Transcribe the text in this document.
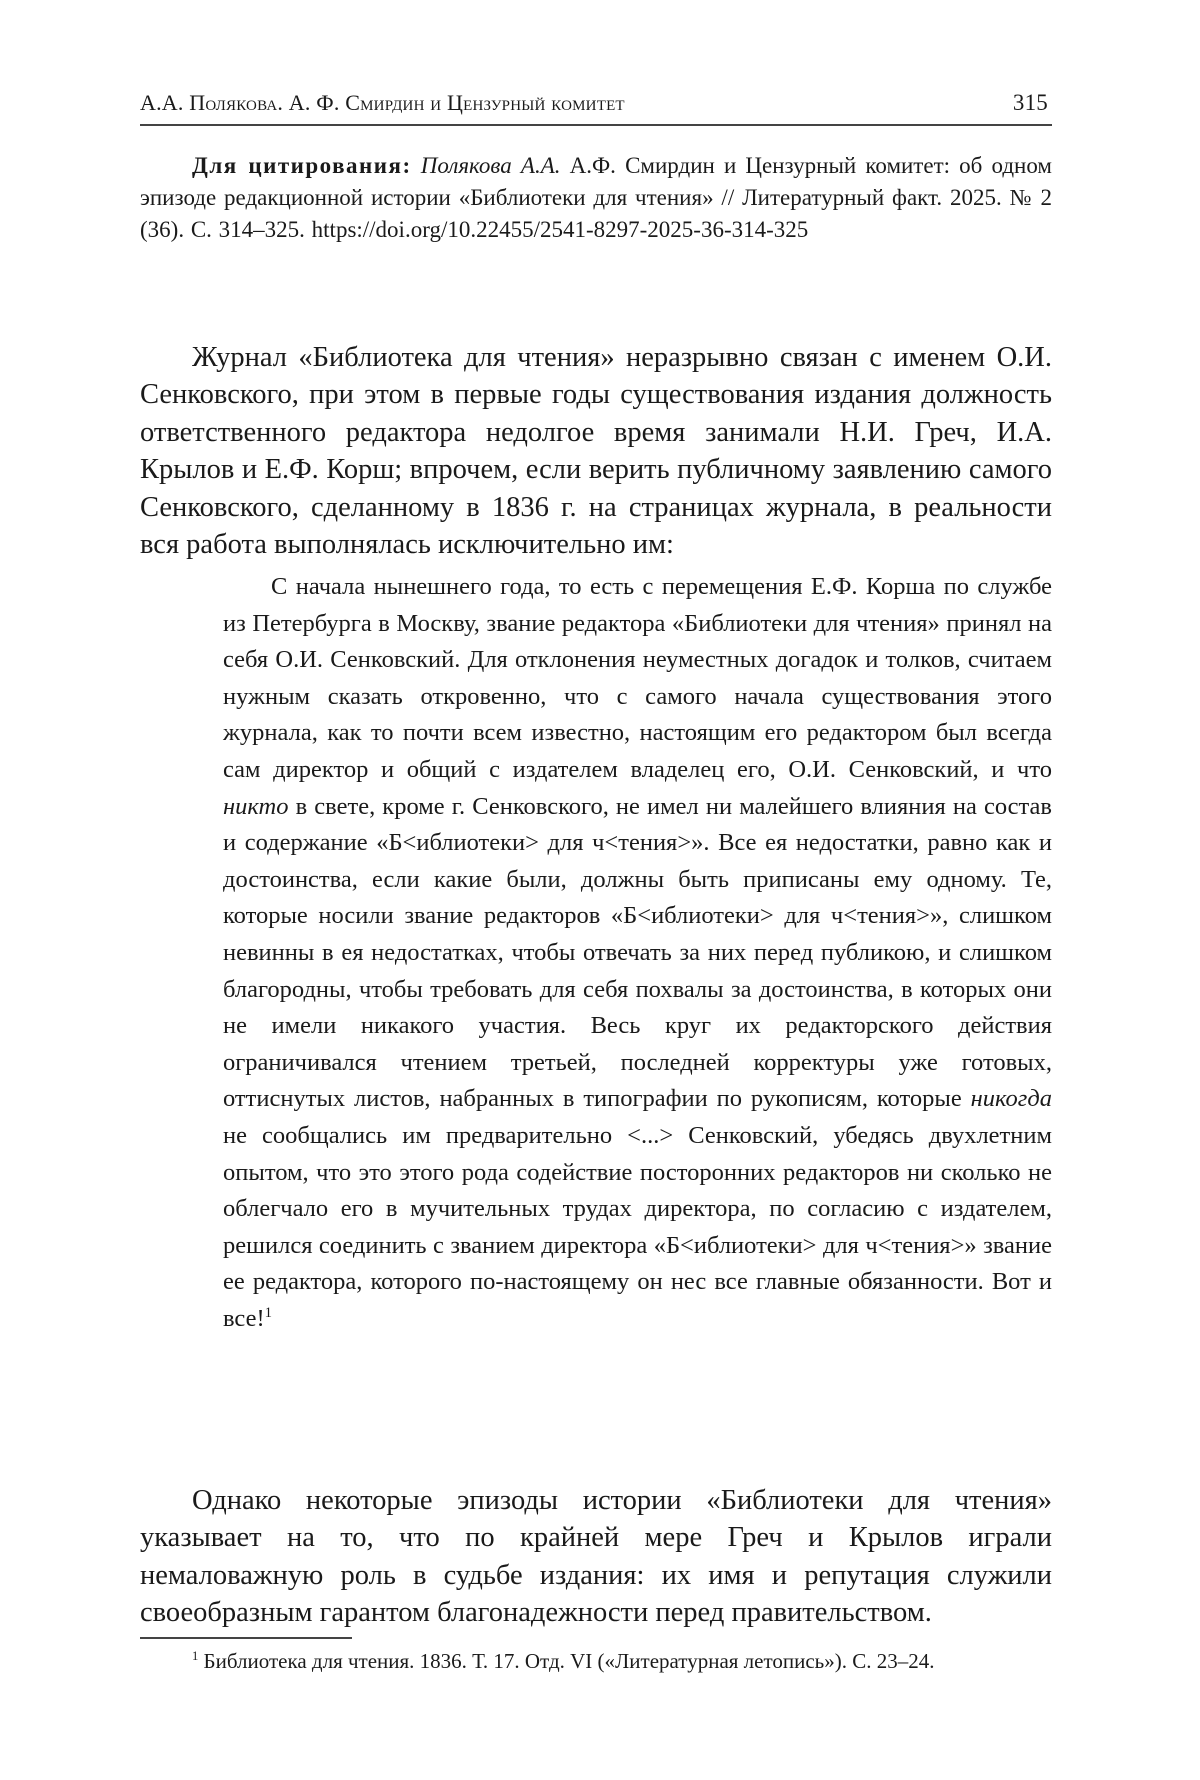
А.А. Полякова. А. Ф. Смирдин и Цензурный комитет	315
Для цитирования: Полякова А.А. А.Ф. Смирдин и Цензурный комитет: об одном эпизоде редакционной истории «Библиотеки для чтения» // Литературный факт. 2025. № 2 (36). С. 314–325. https://doi.org/10.22455/2541-8297-2025-36-314-325

Журнал «Библиотека для чтения» неразрывно связан с именем О.И. Сенковского, при этом в первые годы существования издания должность ответственного редактора недолгое время занимали Н.И. Греч, И.А. Крылов и Е.Ф. Корш; впрочем, если верить публичному заявлению самого Сенковского, сделанному в 1836 г. на страницах журнала, в реальности вся работа выполнялась исключительно им:

С начала нынешнего года, то есть с перемещения Е.Ф. Корша по службе из Петербурга в Москву, звание редактора «Библиотеки для чтения» принял на себя О.И. Сенковский. Для отклонения неуместных догадок и толков, считаем нужным сказать откровенно, что с самого начала существования этого журнала, как то почти всем известно, настоящим его редактором был всегда сам директор и общий с издателем владелец его, О.И. Сенковский, и что никто в свете, кроме г. Сенковского, не имел ни малейшего влияния на состав и содержание «Б<иблиотеки> для ч<тения>». Все ея недостатки, равно как и достоинства, если какие были, должны быть приписаны ему одному. Те, которые носили звание редакторов «Б<иблиотеки> для ч<тения>», слишком невинны в ея недостатках, чтобы отвечать за них перед публикою, и слишком благородны, чтобы требовать для себя похвалы за достоинства, в которых они не имели никакого участия. Весь круг их редакторского действия ограничивался чтением третьей, последней корректуры уже готовых, оттиснутых листов, набранных в типографии по рукописям, которые никогда не сообщались им предварительно <...> Сенковский, убедясь двухлетним опытом, что это этого рода содействие посторонних редакторов ни сколько не облегчало его в мучительных трудах директора, по согласию с издателем, решился соединить с званием директора «Б<иблиотеки> для ч<тения>» звание ее редактора, которого по-настоящему он нес все главные обязанности. Вот и все!$^1$

Однако некоторые эпизоды истории «Библиотеки для чтения» указывает на то, что по крайней мере Греч и Крылов играли немаловажную роль в судьбе издания: их имя и репутация служили своеобразным гарантом благонадежности перед правительством.

$^1$ Библиотека для чтения. 1836. Т. 17. Отд. VI («Литературная летопись»). С. 23–24.
